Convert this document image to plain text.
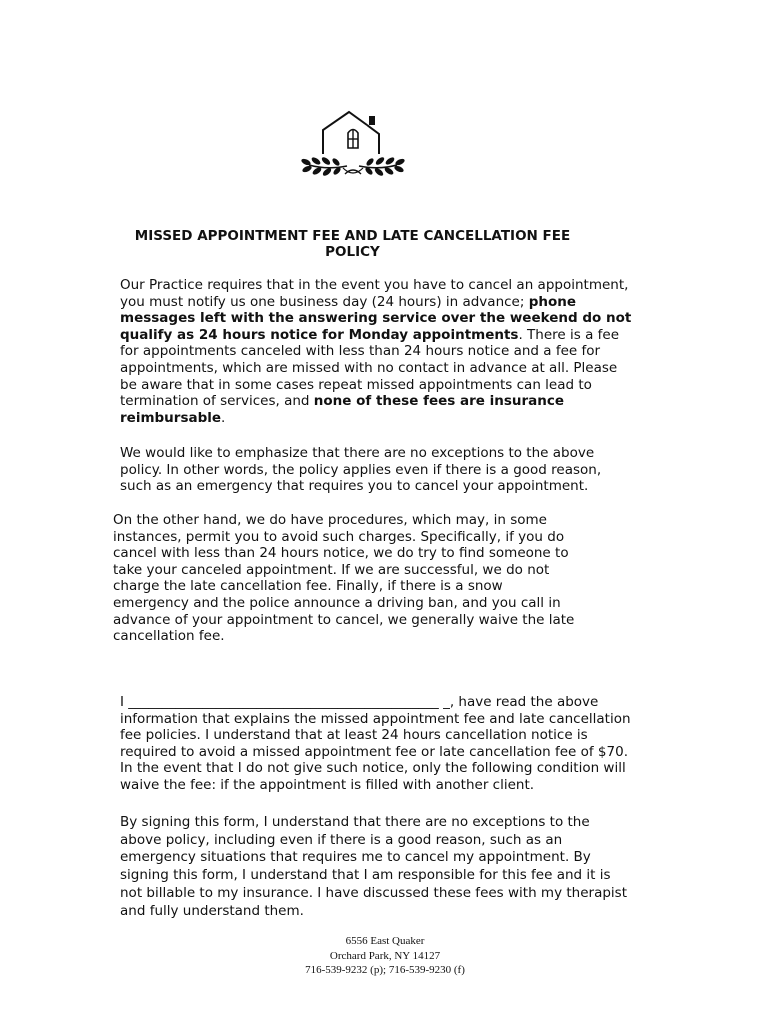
MISSED APPOINTMENT FEE AND LATE CANCELLATION FEE
POLICY
Our Practice requires that in the event you have to cancel an appointment,
you must notify us one business day (24 hours) in advance; phone
messages left with the answering service over the weekend do not
qualify as 24 hours notice for Monday appointments. There is a fee
for appointments canceled with less than 24 hours notice and a fee for
appointments, which are missed with no contact in advance at all. Please
be aware that in some cases repeat missed appointments can lead to
termination of services, and none of these fees are insurance
reimbursable.
We would like to emphasize that there are no exceptions to the above
policy. In other words, the policy applies even if there is a good reason,
such as an emergency that requires you to cancel your appointment.
On the other hand, we do have procedures, which may, in some
instances, permit you to avoid such charges. Specifically, if you do
cancel with less than 24 hours notice, we do try to find someone to
take your canceled appointment. If we are successful, we do not
charge the late cancellation fee. Finally, if there is a snow
emergency and the police announce a driving ban, and you call in
advance of your appointment to cancel, we generally waive the late
cancellation fee.
I ______________________________________________ _, have read the above
information that explains the missed appointment fee and late cancellation
fee policies. I understand that at least 24 hours cancellation notice is
required to avoid a missed appointment fee or late cancellation fee of $70.
In the event that I do not give such notice, only the following condition will
waive the fee: if the appointment is filled with another client.
By signing this form, I understand that there are no exceptions to the
above policy, including even if there is a good reason, such as an
emergency situations that requires me to cancel my appointment. By
signing this form, I understand that I am responsible for this fee and it is
not billable to my insurance. I have discussed these fees with my therapist
and fully understand them.
6556 East Quaker
Orchard Park, NY 14127
716-539-9232 (p); 716-539-9230 (f)
